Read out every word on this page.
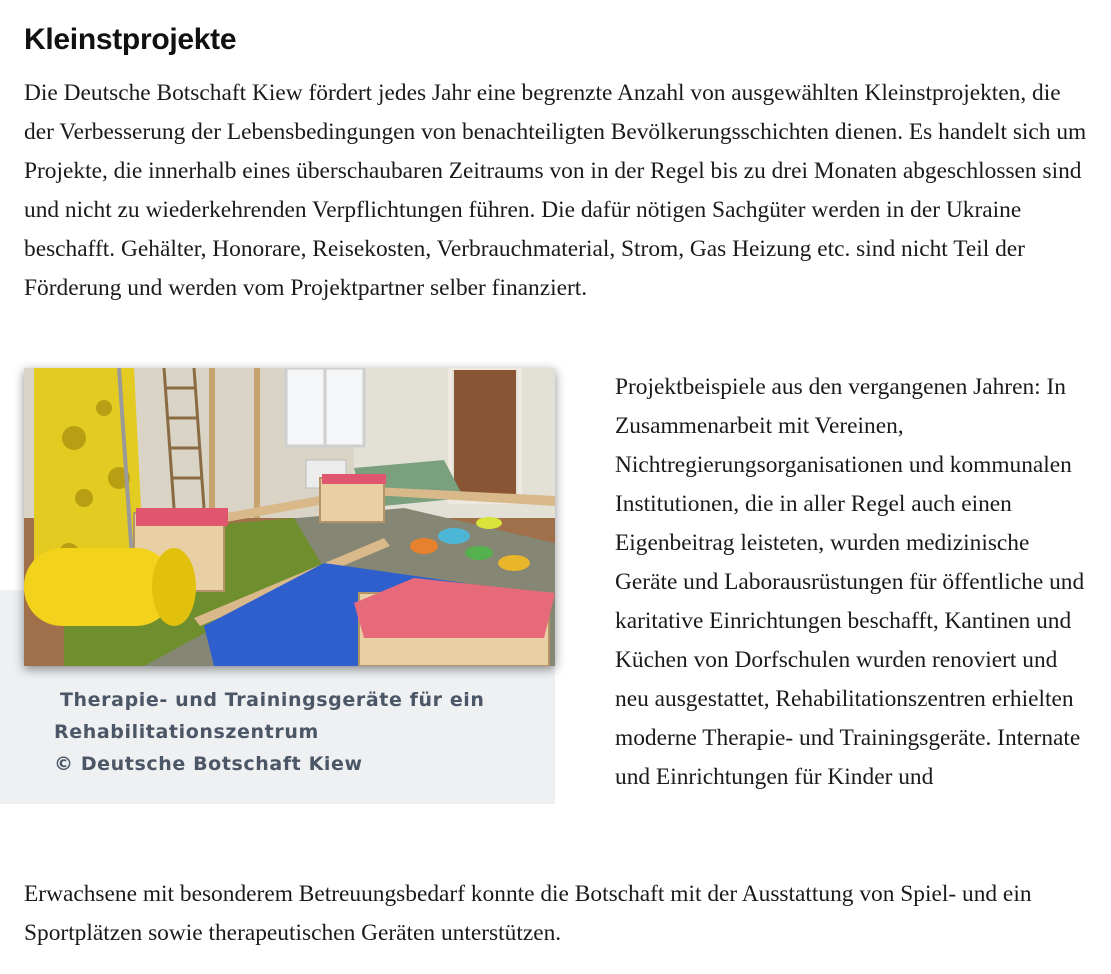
Kleinstprojekte

Die Deutsche Botschaft Kiew fördert jedes Jahr eine begrenzte Anzahl von ausgewählten Kleinstprojekten, die der Verbesserung der Lebensbedingungen von benachteiligten Bevölkerungsschichten dienen. Es handelt sich um Projekte, die innerhalb eines überschaubaren Zeitraums von in der Regel bis zu drei Monaten abgeschlossen sind und nicht zu wiederkehrenden Verpflichtungen führen. Die dafür nötigen Sachgüter werden in der Ukraine beschafft. Gehälter, Honorare, Reisekosten, Verbrauchmaterial, Strom, Gas Heizung etc. sind nicht Teil der Förderung und werden vom Projektpartner selber finanziert.

Therapie- und Trainingsgeräte für ein
Rehabilitationszentrum
© Deutsche Botschaft Kiew

Projektbeispiele aus den vergangenen Jahren: In Zusammenarbeit mit Vereinen, Nichtregierungsorganisationen und kommunalen Institutionen, die in aller Regel auch einen Eigenbeitrag leisteten, wurden medizinische Geräte und Laborausrüstungen für öffentliche und karitative Einrichtungen beschafft, Kantinen und Küchen von Dorfschulen wurden renoviert und neu ausgestattet, Rehabilitationszentren erhielten moderne Therapie- und Trainingsgeräte. Internate und Einrichtungen für Kinder und

Erwachsene mit besonderem Betreuungsbedarf konnte die Botschaft mit der Ausstattung von Spiel- und ein Sportplätzen sowie therapeutischen Geräten unterstützen.
